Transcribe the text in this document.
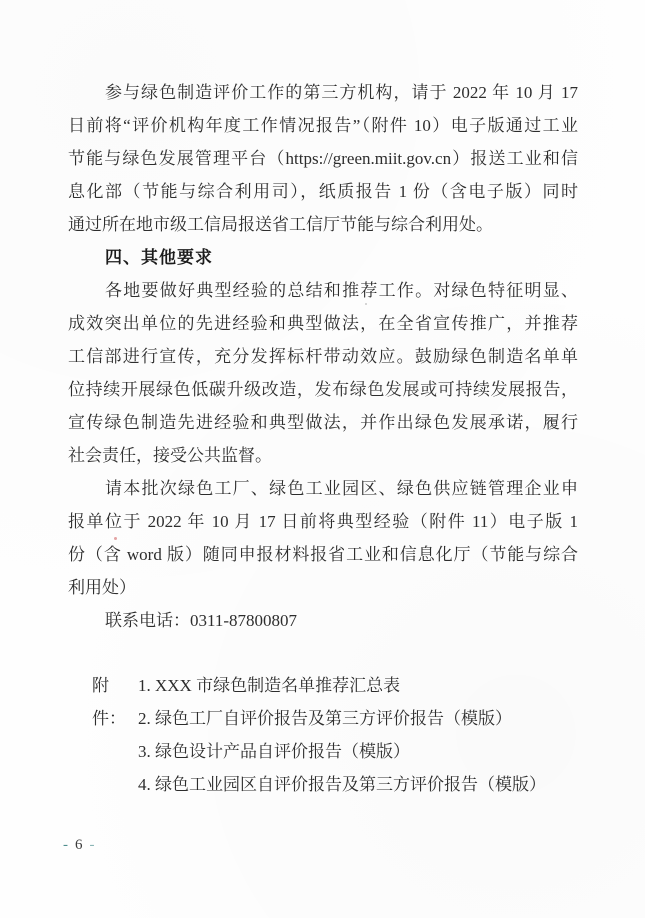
参与绿色制造评价工作的第三方机构，请于 2022 年 10 月 17
日前将“评价机构年度工作情况报告”（附件 10）电子版通过工业
节能与绿色发展管理平台（https://green.miit.gov.cn）报送工业和信
息化部（节能与综合利用司），纸质报告 1 份（含电子版）同时
通过所在地市级工信局报送省工信厅节能与综合利用处。
四、其他要求
各地要做好典型经验的总结和推荐工作。对绿色特征明显、
成效突出单位的先进经验和典型做法，在全省宣传推广，并推荐
工信部进行宣传，充分发挥标杆带动效应。鼓励绿色制造名单单
位持续开展绿色低碳升级改造，发布绿色发展或可持续发展报告，
宣传绿色制造先进经验和典型做法，并作出绿色发展承诺，履行
社会责任，接受公共监督。
请本批次绿色工厂、绿色工业园区、绿色供应链管理企业申
报单位于 2022 年 10 月 17 日前将典型经验（附件 11）电子版 1
份（含 word 版）随同申报材料报省工业和信息化厅（节能与综合
利用处）
联系电话：0311-87800807
附件：
1. XXX 市绿色制造名单推荐汇总表
2. 绿色工厂自评价报告及第三方评价报告（模版）
3. 绿色设计产品自评价报告（模版）
4. 绿色工业园区自评价报告及第三方评价报告（模版）
- 6 -
